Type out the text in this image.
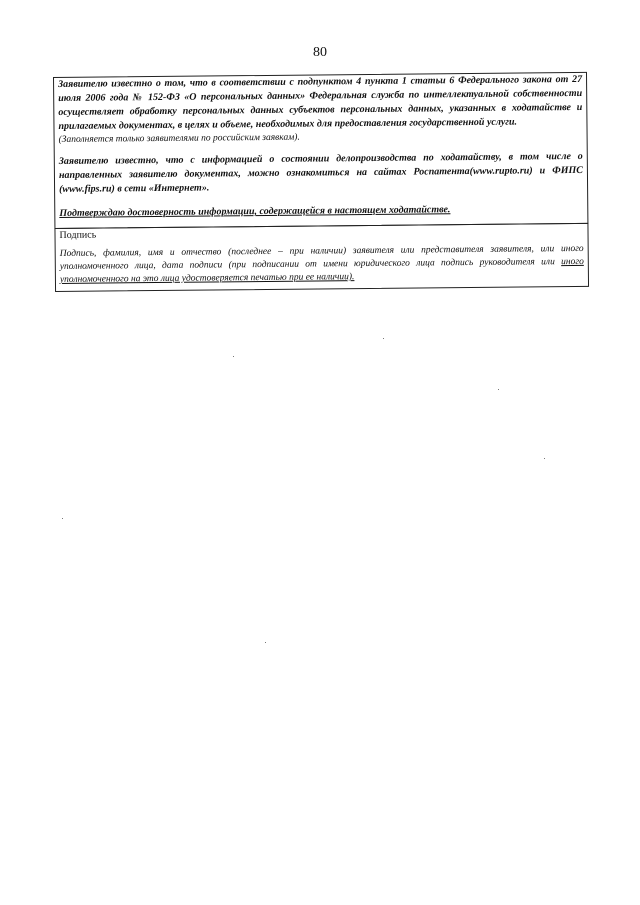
80

Заявителю известно о том, что в соответствии с подпунктом 4 пункта 1 статьи 6 Федерального закона от 27 июля 2006 года № 152-ФЗ «О персональных данных» Федеральная служба по интеллектуальной собственности осуществляет обработку персональных данных субъектов персональных данных, указанных в ходатайстве и прилагаемых документах, в целях и объеме, необходимых для предоставления государственной услуги.

(Заполняется только заявителями по российским заявкам).

Заявителю известно, что с информацией о состоянии делопроизводства по ходатайству, в том числе о направленных заявителю документах, можно ознакомиться на сайтах Роспатента(www.rupto.ru) и ФИПС (www.fips.ru) в сети «Интернет».

Подтверждаю достоверность информации, содержащейся в настоящем ходатайстве.

Подпись

Подпись, фамилия, имя и отчество (последнее – при наличии) заявителя или представителя заявителя, или иного уполномоченного лица, дата подписи (при подписании от имени юридического лица подпись руководителя или иного уполномоченного на это лица удостоверяется печатью при ее наличии).
